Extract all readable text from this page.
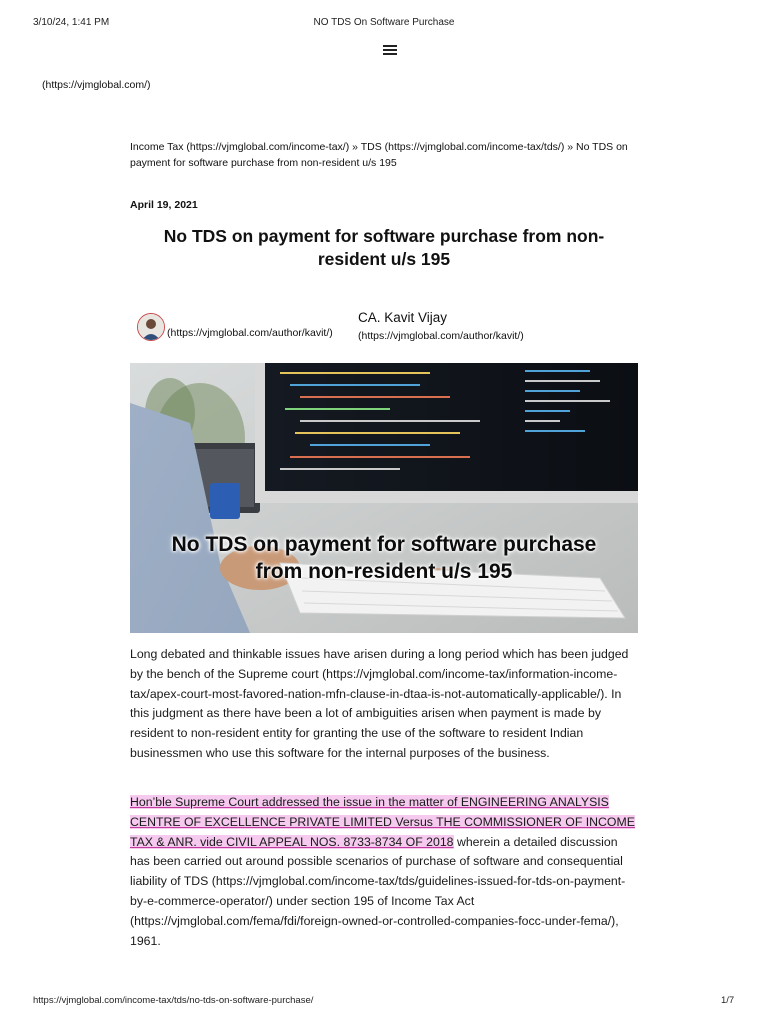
3/10/24, 1:41 PM	NO TDS On Software Purchase
(https://vjmglobal.com/)
Income Tax (https://vjmglobal.com/income-tax/) » TDS (https://vjmglobal.com/income-tax/tds/) » No TDS on payment for software purchase from non-resident u/s 195
April 19, 2021
No TDS on payment for software purchase from non-resident u/s 195
(https://vjmglobal.com/author/kavit/)
CA. Kavit Vijay
(https://vjmglobal.com/author/kavit/)
No TDS on payment for software purchase
from non-resident u/s 195

Long debated and thinkable issues have arisen during a long period which has been judged by the bench of the Supreme court (https://vjmglobal.com/income-tax/information-income-tax/apex-court-most-favored-nation-mfn-clause-in-dtaa-is-not-automatically-applicable/). In this judgment as there have been a lot of ambiguities arisen when payment is made by resident to non-resident entity for granting the use of the software to resident Indian businessmen who use this software for the internal purposes of the business.

Hon’ble Supreme Court addressed the issue in the matter of ENGINEERING ANALYSIS CENTRE OF EXCELLENCE PRIVATE LIMITED Versus THE COMMISSIONER OF INCOME TAX & ANR. vide CIVIL APPEAL NOS. 8733-8734 OF 2018 wherein a detailed discussion has been carried out around possible scenarios of purchase of software and consequential liability of TDS (https://vjmglobal.com/income-tax/tds/guidelines-issued-for-tds-on-payment-by-e-commerce-operator/) under section 195 of Income Tax Act (https://vjmglobal.com/fema/fdi/foreign-owned-or-controlled-companies-focc-under-fema/), 1961.

https://vjmglobal.com/income-tax/tds/no-tds-on-software-purchase/	1/7
